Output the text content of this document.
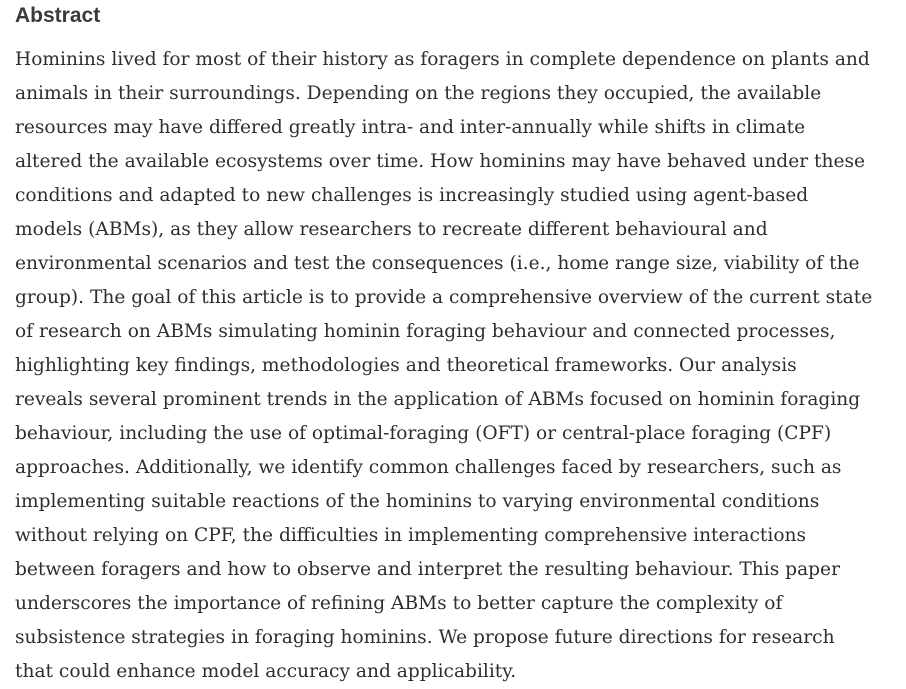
Abstract

Hominins lived for most of their history as foragers in complete dependence on plants and
animals in their surroundings. Depending on the regions they occupied, the available
resources may have differed greatly intra- and inter-annually while shifts in climate
altered the available ecosystems over time. How hominins may have behaved under these
conditions and adapted to new challenges is increasingly studied using agent-based
models (ABMs), as they allow researchers to recreate different behavioural and
environmental scenarios and test the consequences (i.e., home range size, viability of the
group). The goal of this article is to provide a comprehensive overview of the current state
of research on ABMs simulating hominin foraging behaviour and connected processes,
highlighting key findings, methodologies and theoretical frameworks. Our analysis
reveals several prominent trends in the application of ABMs focused on hominin foraging
behaviour, including the use of optimal-foraging (OFT) or central-place foraging (CPF)
approaches. Additionally, we identify common challenges faced by researchers, such as
implementing suitable reactions of the hominins to varying environmental conditions
without relying on CPF, the difficulties in implementing comprehensive interactions
between foragers and how to observe and interpret the resulting behaviour. This paper
underscores the importance of refining ABMs to better capture the complexity of
subsistence strategies in foraging hominins. We propose future directions for research
that could enhance model accuracy and applicability.
